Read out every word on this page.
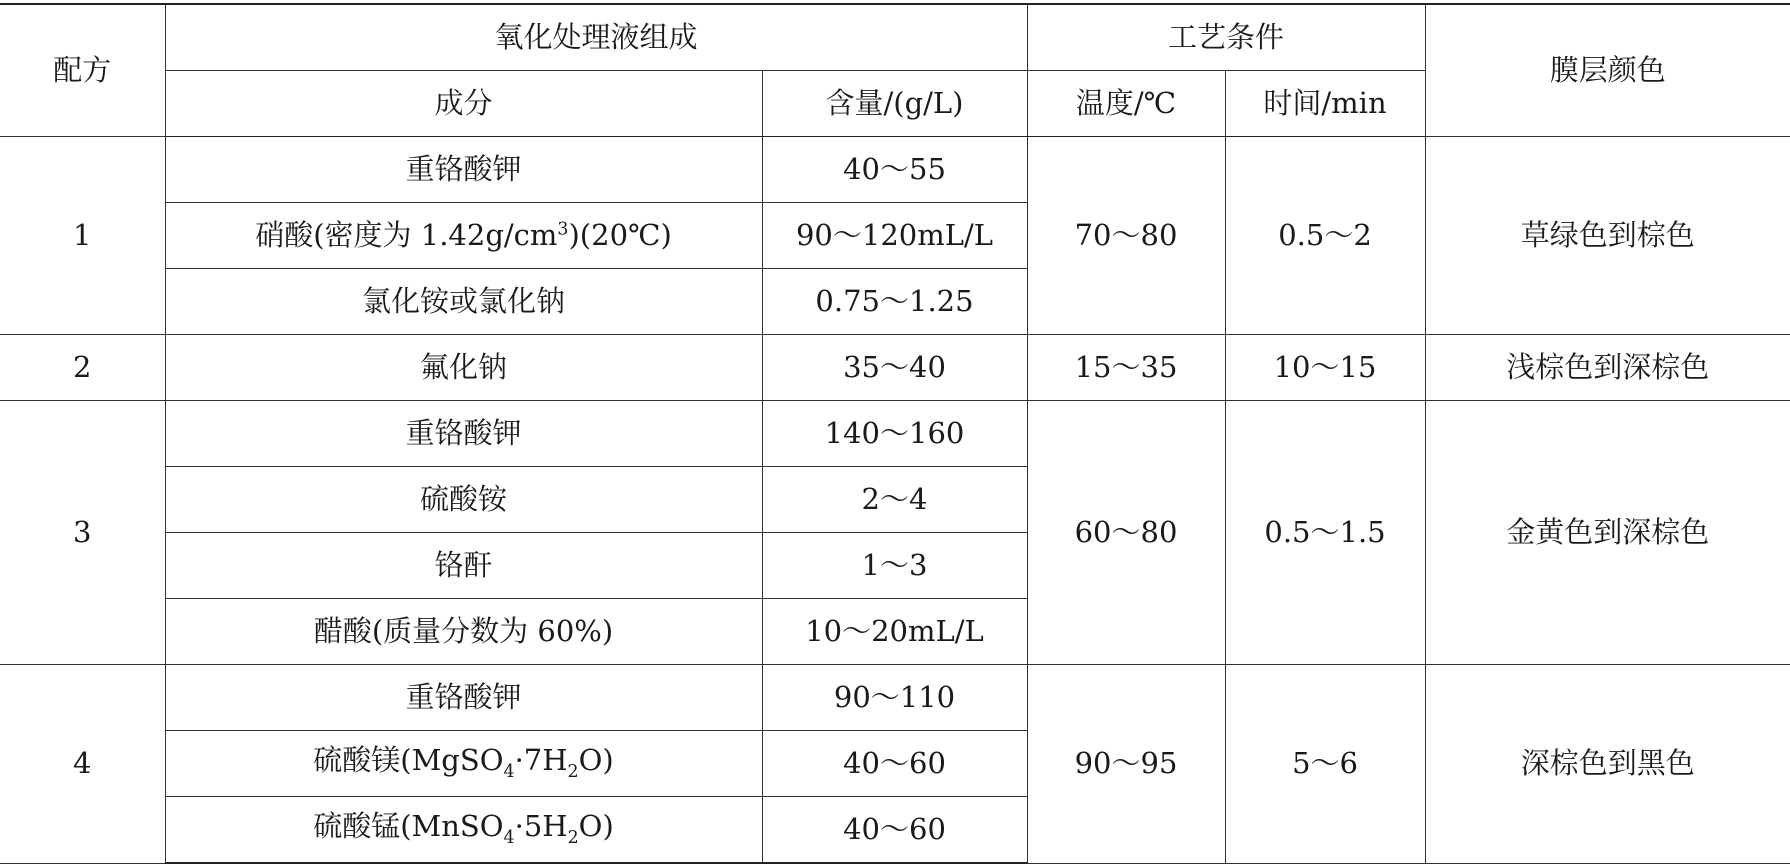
配方	氧化处理液组成		工艺条件		膜层颜色
	成分	含量/(g/L)	温度/℃	时间/min	
1	重铬酸钾	40～55	70～80	0.5～2	草绿色到棕色
	硝酸(密度为 $1.42g/cm^3)(20℃)$	90～120mL/L			
	氯化铵或氯化钠	0.75～1.25			
2	氟化钠	35～40	15～35	10～15	浅棕色到深棕色
3	重铬酸钾	140～160	60～80	0.5～1.5	金黄色到深棕色
	硫酸铵	2～4			
	铬酐	1～3			
	醋酸(质量分数为 60%)	10～20mL/L			
4	重铬酸钾	90～110	90～95	5～6	深棕色到黑色
	硫酸镁$(MgSO_4\cdot 7H_2O)$	40～60			
	硫酸锰$(MnSO_4\cdot 5H_2O)$	40～60			
